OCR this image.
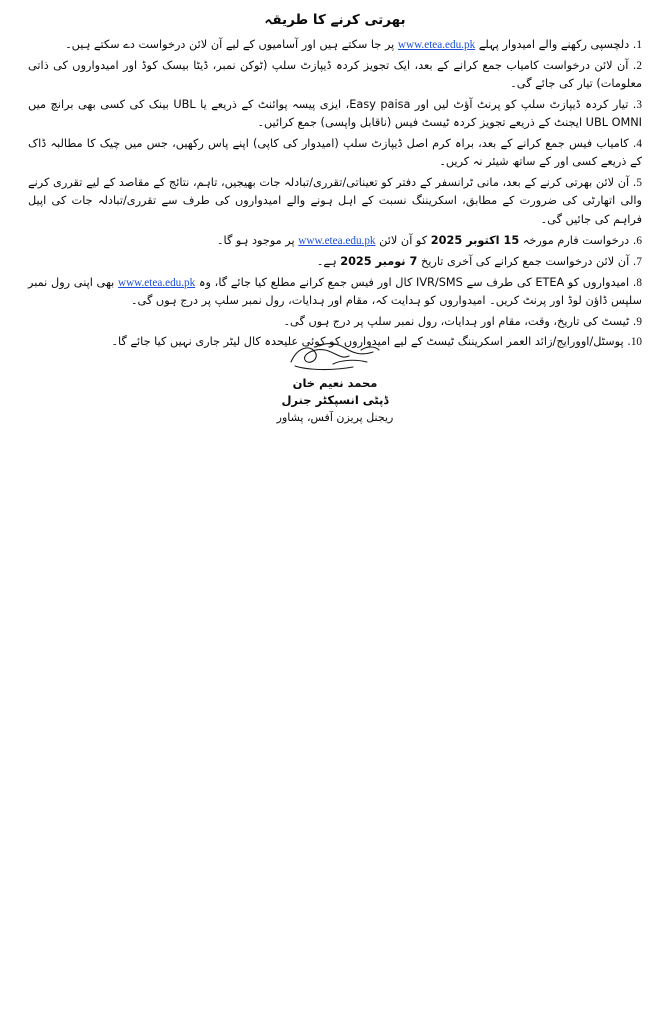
بھرتی کرنے کا طریقہ

1. دلچسپی رکھنے والے امیدوار پہلے www.etea.edu.pk پر جا سکتے ہیں اور آسامیوں کے لیے آن لائن درخواست دے سکتے ہیں۔

2. آن لائن درخواست کامیاب جمع کرانے کے بعد، ایک تجویز کردہ ڈیپازٹ سلپ (ٹوکن نمبر، ڈیٹا بیسک کوڈ اور امیدواروں کی ذاتی معلومات) تیار کی جائے گی۔

3. تیار کردہ ڈیپازٹ سلپ کو پرنٹ آؤٹ لیں اور Easy paisa، ایزی پیسہ پوائنٹ کے ذریعے یا UBL بینک کی کسی بھی برانچ میں UBL OMNI ایجنٹ کے ذریعے تجویز کردہ ٹیسٹ فیس (ناقابل واپسی) جمع کرائیں۔

4. کامیاب فیس جمع کرانے کے بعد، براہ کرم اصل ڈیپازٹ سلپ (امیدوار کی کاپی) اپنے پاس رکھیں، جس میں چیک کا مطالبہ ڈاک کے ذریعے کسی اور کے ساتھ شیئر نہ کریں۔

5. آن لائن بھرتی کرنے کے بعد، مانی ٹرانسفر کے دفتر کو تعیناتی/تقرری/تبادلہ جات بھیجیں، تاہم، نتائج کے مقاصد کے لیے تقرری کرنے والی اتھارٹی کی ضرورت کے مطابق، اسکریننگ نسبت کے اہل ہونے والے امیدواروں کی طرف سے تقرری/تبادلہ جات کی اپیل فراہم کی جائیں گی۔

6. درخواست فارم مورخہ 15 اکتوبر 2025 کو آن لائن www.etea.edu.pk پر موجود ہو گا۔

7. آن لائن درخواست جمع کرانے کی آخری تاریخ 7 نومبر 2025 ہے۔

8. امیدواروں کو ETEA کی طرف سے IVR/SMS کال اور فیس جمع کرانے مطلع کیا جائے گا، وہ www.etea.edu.pk بھی اپنی رول نمبر سلپس ڈاؤن لوڈ اور پرنٹ کریں۔ امیدواروں کو ہدایت کہ، مقام اور ہدایات، رول نمبر سلپ پر درج ہوں گی۔

9. ٹیسٹ کی تاریخ، وقت، مقام اور ہدایات، رول نمبر سلپ پر درج ہوں گی۔

10. پوسٹل/اوورایج/زائد العمر اسکریننگ ٹیسٹ کے لیے امیدواروں کو کوئی علیحدہ کال لیٹر جاری نہیں کیا جائے گا۔

محمد نعیم خان
ڈپٹی انسپکٹر جنرل
ریجنل پریزن آفس، پشاور
